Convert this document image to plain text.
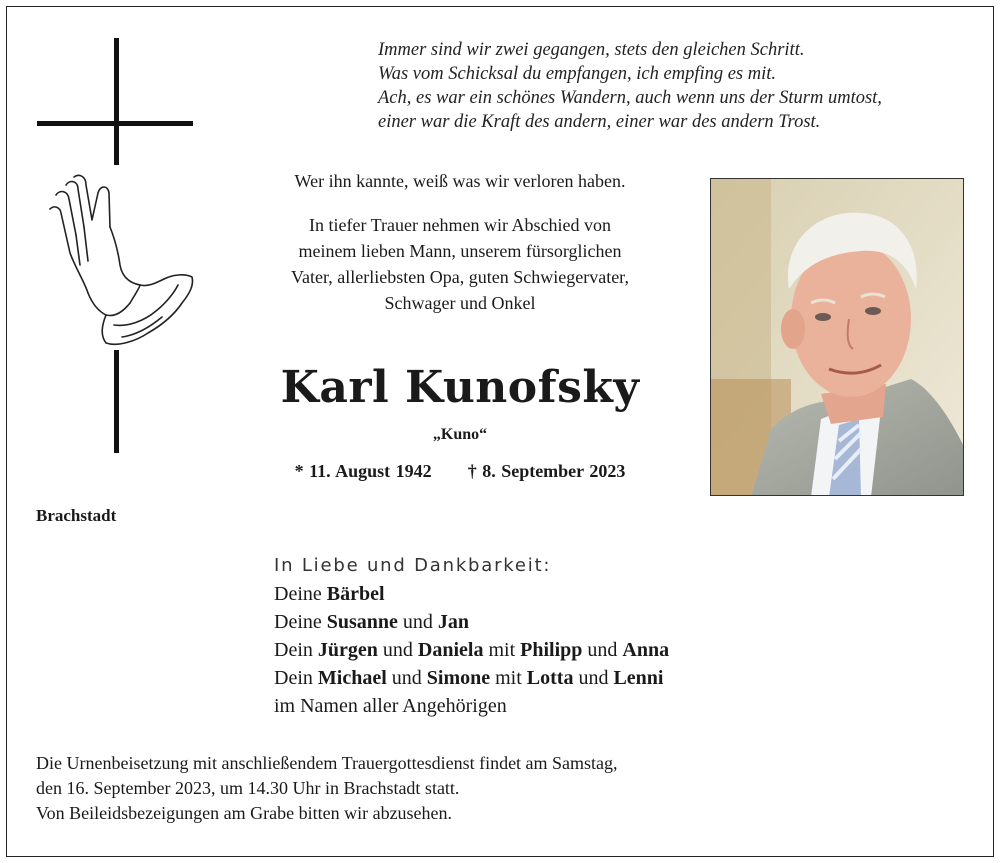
Immer sind wir zwei gegangen, stets den gleichen Schritt.
Was vom Schicksal du empfangen, ich empfing es mit.
Ach, es war ein schönes Wandern, auch wenn uns der Sturm umtost,
einer war die Kraft des andern, einer war des andern Trost.
Wer ihn kannte, weiß was wir verloren haben.
In tiefer Trauer nehmen wir Abschied von
meinem lieben Mann, unserem fürsorglichen
Vater, allerliebsten Opa, guten Schwiegervater,
Schwager und Onkel
Karl Kunofsky
„Kuno“
* 11. August 1942 † 8. September 2023
Brachstadt
In Liebe und Dankbarkeit:
Deine Bärbel
Deine Susanne und Jan
Dein Jürgen und Daniela mit Philipp und Anna
Dein Michael und Simone mit Lotta und Lenni
im Namen aller Angehörigen
Die Urnenbeisetzung mit anschließendem Trauergottesdienst findet am Samstag,
den 16. September 2023, um 14.30 Uhr in Brachstadt statt.
Von Beileidsbezeigungen am Grabe bitten wir abzusehen.
